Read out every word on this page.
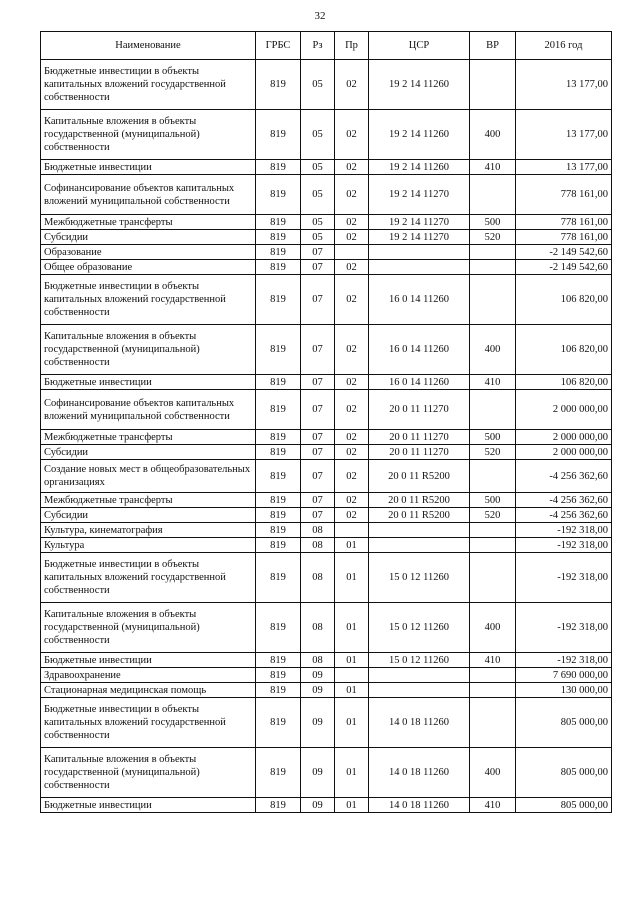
32
Наименование	ГРБС	Рз	Пр	ЦСР	ВР	2016 год
Бюджетные инвестиции в объекты капитальных вложений государственной собственности	819	05	02	19 2 14 11260		13 177,00
Капитальные вложения в объекты государственной (муниципальной) собственности	819	05	02	19 2 14 11260	400	13 177,00
Бюджетные инвестиции	819	05	02	19 2 14 11260	410	13 177,00
Софинансирование объектов капитальных вложений муниципальной собственности	819	05	02	19 2 14 11270		778 161,00
Межбюджетные трансферты	819	05	02	19 2 14 11270	500	778 161,00
Субсидии	819	05	02	19 2 14 11270	520	778 161,00
Образование	819	07				-2 149 542,60
Общее образование	819	07	02			-2 149 542,60
Бюджетные инвестиции в объекты капитальных вложений государственной собственности	819	07	02	16 0 14 11260		106 820,00
Капитальные вложения в объекты государственной (муниципальной) собственности	819	07	02	16 0 14 11260	400	106 820,00
Бюджетные инвестиции	819	07	02	16 0 14 11260	410	106 820,00
Софинансирование объектов капитальных вложений муниципальной собственности	819	07	02	20 0 11 11270		2 000 000,00
Межбюджетные трансферты	819	07	02	20 0 11 11270	500	2 000 000,00
Субсидии	819	07	02	20 0 11 11270	520	2 000 000,00
Создание новых мест в общеобразовательных организациях	819	07	02	20 0 11 R5200		-4 256 362,60
Межбюджетные трансферты	819	07	02	20 0 11 R5200	500	-4 256 362,60
Субсидии	819	07	02	20 0 11 R5200	520	-4 256 362,60
Культура, кинематография	819	08				-192 318,00
Культура	819	08	01			-192 318,00
Бюджетные инвестиции в объекты капитальных вложений государственной собственности	819	08	01	15 0 12 11260		-192 318,00
Капитальные вложения в объекты государственной (муниципальной) собственности	819	08	01	15 0 12 11260	400	-192 318,00
Бюджетные инвестиции	819	08	01	15 0 12 11260	410	-192 318,00
Здравоохранение	819	09				7 690 000,00
Стационарная медицинская помощь	819	09	01			130 000,00
Бюджетные инвестиции в объекты капитальных вложений государственной собственности	819	09	01	14 0 18 11260		805 000,00
Капитальные вложения в объекты государственной (муниципальной) собственности	819	09	01	14 0 18 11260	400	805 000,00
Бюджетные инвестиции	819	09	01	14 0 18 11260	410	805 000,00
